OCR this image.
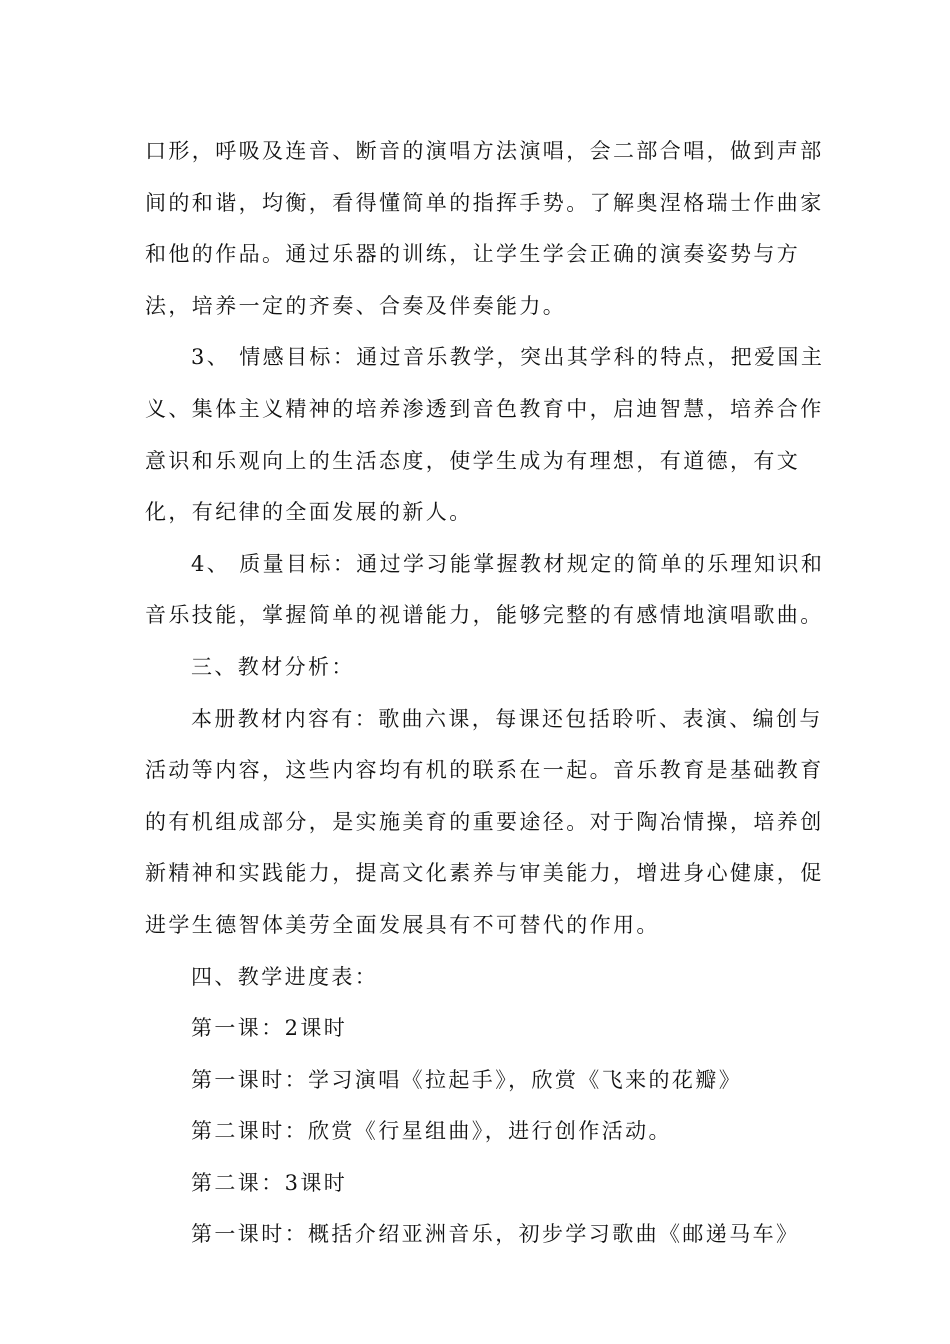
口形，呼吸及连音、断音的演唱方法演唱，会二部合唱，做到声部
间的和谐，均衡，看得懂简单的指挥手势。了解奥涅格瑞士作曲家
和他的作品。通过乐器的训练，让学生学会正确的演奏姿势与方
法，培养一定的齐奏、合奏及伴奏能力。

3、 情感目标：通过音乐教学，突出其学科的特点，把爱国主
义、集体主义精神的培养渗透到音色教育中，启迪智慧，培养合作
意识和乐观向上的生活态度，使学生成为有理想，有道德，有文
化，有纪律的全面发展的新人。

4、 质量目标：通过学习能掌握教材规定的简单的乐理知识和
音乐技能，掌握简单的视谱能力，能够完整的有感情地演唱歌曲。

三、教材分析：

本册教材内容有：歌曲六课，每课还包括聆听、表演、编创与
活动等内容，这些内容均有机的联系在一起。音乐教育是基础教育
的有机组成部分，是实施美育的重要途径。对于陶冶情操，培养创
新精神和实践能力，提高文化素养与审美能力，增进身心健康，促
进学生德智体美劳全面发展具有不可替代的作用。

四、教学进度表：

第一课：2课时

第一课时：学习演唱《拉起手》，欣赏《飞来的花瓣》

第二课时：欣赏《行星组曲》，进行创作活动。

第二课：3课时

第一课时：概括介绍亚洲音乐，初步学习歌曲《邮递马车》
